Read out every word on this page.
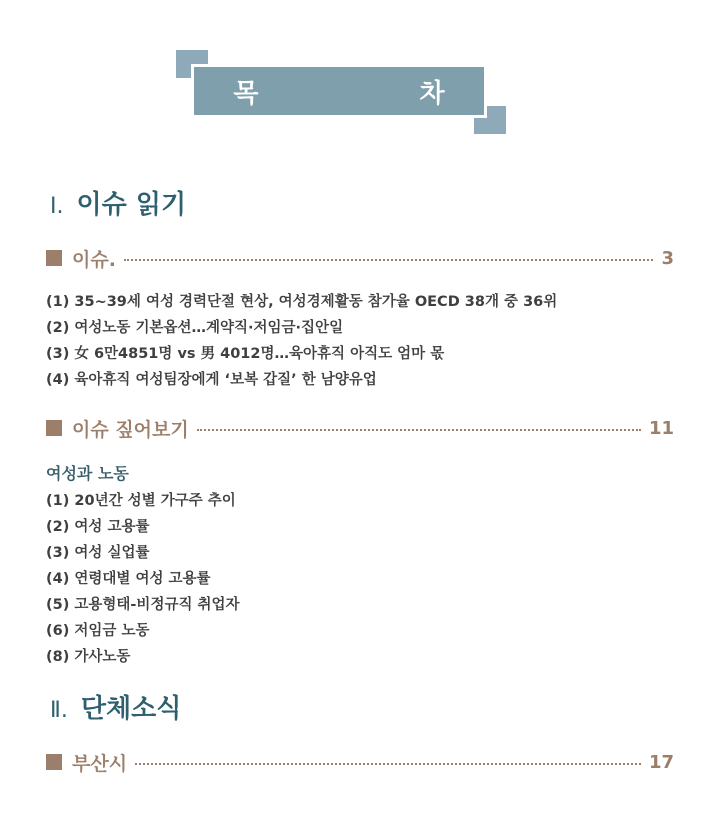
목 차
Ⅰ. 이슈 읽기
이슈.	3
(1) 35~39세 여성 경력단절 현상, 여성경제활동 참가율 OECD 38개 중 36위
(2) 여성노동 기본옵션…계약직·저임금·집안일
(3) 女 6만4851명 vs 男 4012명…육아휴직 아직도 엄마 몫
(4) 육아휴직 여성팀장에게 ‘보복 갑질’ 한 남양유업
이슈 짚어보기	11
여성과 노동
(1) 20년간 성별 가구주 추이
(2) 여성 고용률
(3) 여성 실업률
(4) 연령대별 여성 고용률
(5) 고용형태-비정규직 취업자
(6) 저임금 노동
(8) 가사노동
Ⅱ. 단체소식
부산시	17
